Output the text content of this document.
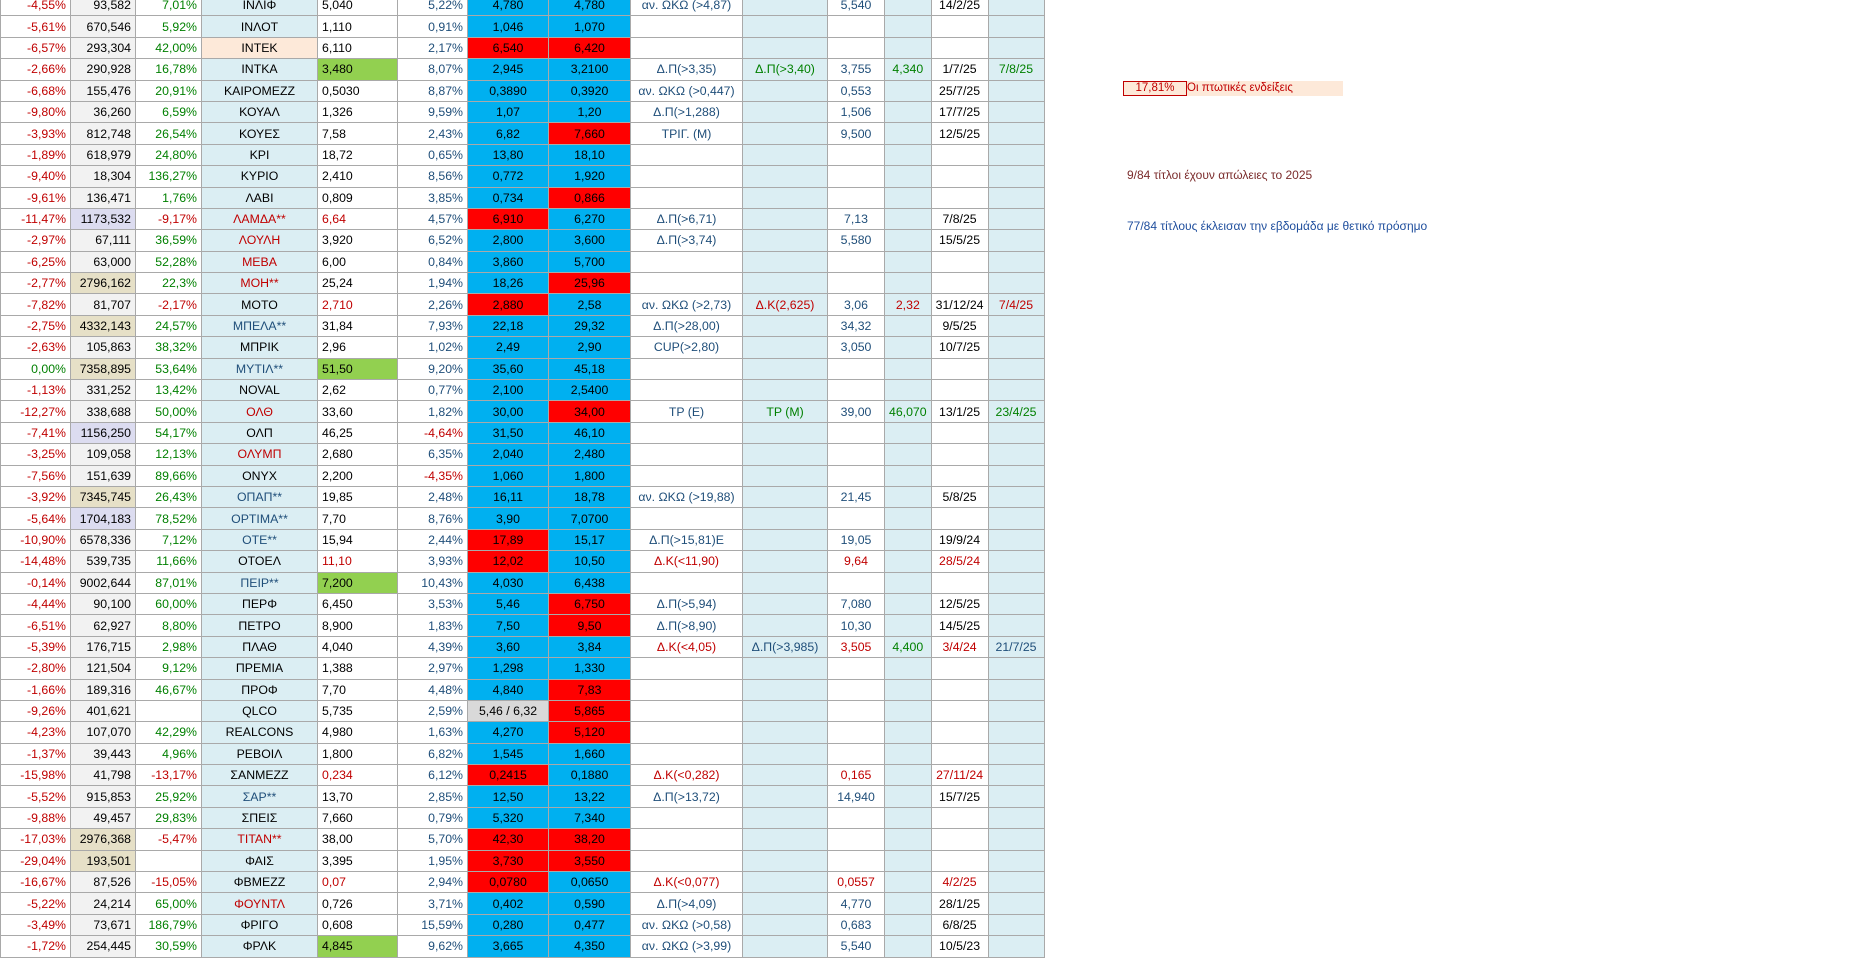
-4,55%	93,582	7,01%	ΙΝΛΙΦ	5,040	5,22%	4,780	4,780	αν. ΩΚΩ (>4,87)		5,540		14/2/25	
-5,61%	670,546	5,92%	ΙΝΛΟΤ	1,110	0,91%	1,046	1,070						
-6,57%	293,304	42,00%	ΙΝΤΕΚ	6,110	2,17%	6,540	6,420						
-2,66%	290,928	16,78%	ΙΝΤΚΑ	3,480	8,07%	2,945	3,2100	Δ.Π(>3,35)	Δ.Π(>3,40)	3,755	4,340	1/7/25	7/8/25
-6,68%	155,476	20,91%	ΚΑΙΡΟΜΕΖΖ	0,5030	8,87%	0,3890	0,3920	αν. ΩΚΩ (>0,447)		0,553		25/7/25	
-9,80%	36,260	6,59%	ΚΟΥΑΛ	1,326	9,59%	1,07	1,20	Δ.Π(>1,288)		1,506		17/7/25	
-3,93%	812,748	26,54%	ΚΟΥΕΣ	7,58	2,43%	6,82	7,660	ΤΡΙΓ. (Μ)		9,500		12/5/25	
-1,89%	618,979	24,80%	ΚΡΙ	18,72	0,65%	13,80	18,10						
-9,40%	18,304	136,27%	ΚΥΡΙΟ	2,410	8,56%	0,772	1,920						
-9,61%	136,471	1,76%	ΛΑΒΙ	0,809	3,85%	0,734	0,866						
-11,47%	1173,532	-9,17%	ΛΑΜΔΑ**	6,64	4,57%	6,910	6,270	Δ.Π(>6,71)		7,13		7/8/25	
-2,97%	67,111	36,59%	ΛΟΥΛΗ	3,920	6,52%	2,800	3,600	Δ.Π(>3,74)		5,580		15/5/25	
-6,25%	63,000	52,28%	ΜΕΒΑ	6,00	0,84%	3,860	5,700						
-2,77%	2796,162	22,3%	ΜΟΗ**	25,24	1,94%	18,26	25,96						
-7,82%	81,707	-2,17%	ΜΟΤΟ	2,710	2,26%	2,880	2,58	αν. ΩΚΩ (>2,73)	Δ.Κ(2,625)	3,06	2,32	31/12/24	7/4/25
-2,75%	4332,143	24,57%	ΜΠΕΛΑ**	31,84	7,93%	22,18	29,32	Δ.Π(>28,00)		34,32		9/5/25	
-2,63%	105,863	38,32%	ΜΠΡΙΚ	2,96	1,02%	2,49	2,90	CUP(>2,80)		3,050		10/7/25	
0,00%	7358,895	53,64%	ΜΥΤΙΛ**	51,50	9,20%	35,60	45,18						
-1,13%	331,252	13,42%	NOVAL	2,62	0,77%	2,100	2,5400						
-12,27%	338,688	50,00%	ΟΛΘ	33,60	1,82%	30,00	34,00	ΤΡ (Ε)	ΤΡ (Μ)	39,00	46,070	13/1/25	23/4/25
-7,41%	1156,250	54,17%	ΟΛΠ	46,25	-4,64%	31,50	46,10						
-3,25%	109,058	12,13%	ΟΛΥΜΠ	2,680	6,35%	2,040	2,480						
-7,56%	151,639	89,66%	ΟΝΥΧ	2,200	-4,35%	1,060	1,800						
-3,92%	7345,745	26,43%	ΟΠΑΠ**	19,85	2,48%	16,11	18,78	αν. ΩΚΩ (>19,88)		21,45		5/8/25	
-5,64%	1704,183	78,52%	ΟΡΤΙΜΑ**	7,70	8,76%	3,90	7,0700						
-10,90%	6578,336	7,12%	ΟΤΕ**	15,94	2,44%	17,89	15,17	Δ.Π(>15,81)Ε		19,05		19/9/24	
-14,48%	539,735	11,66%	ΟΤΟΕΛ	11,10	3,93%	12,02	10,50	Δ.Κ(<11,90)		9,64		28/5/24	
-0,14%	9002,644	87,01%	ΠΕΙΡ**	7,200	10,43%	4,030	6,438						
-4,44%	90,100	60,00%	ΠΕΡΦ	6,450	3,53%	5,46	6,750	Δ.Π(>5,94)		7,080		12/5/25	
-6,51%	62,927	8,80%	ΠΕΤΡΟ	8,900	1,83%	7,50	9,50	Δ.Π(>8,90)		10,30		14/5/25	
-5,39%	176,715	2,98%	ΠΛΑΘ	4,040	4,39%	3,60	3,84	Δ.Κ(<4,05)	Δ.Π(>3,985)	3,505	4,400	3/4/24	21/7/25
-2,80%	121,504	9,12%	ΠΡΕΜΙΑ	1,388	2,97%	1,298	1,330						
-1,66%	189,316	46,67%	ΠΡΟΦ	7,70	4,48%	4,840	7,83						
-9,26%	401,621		QLCO	5,735	2,59%	5,46 / 6,32	5,865						
-4,23%	107,070	42,29%	REALCONS	4,980	1,63%	4,270	5,120						
-1,37%	39,443	4,96%	ΡΕΒΟΙΛ	1,800	6,82%	1,545	1,660						
-15,98%	41,798	-13,17%	ΣΑΝΜΕΖΖ	0,234	6,12%	0,2415	0,1880	Δ.Κ(<0,282)		0,165		27/11/24	
-5,52%	915,853	25,92%	ΣΑΡ**	13,70	2,85%	12,50	13,22	Δ.Π(>13,72)		14,940		15/7/25	
-9,88%	49,457	29,83%	ΣΠΕΙΣ	7,660	0,79%	5,320	7,340						
-17,03%	2976,368	-5,47%	ΤΙΤΑΝ**	38,00	5,70%	42,30	38,20						
-29,04%	193,501		ΦΑΙΣ	3,395	1,95%	3,730	3,550						
-16,67%	87,526	-15,05%	ΦΒΜΕΖΖ	0,07	2,94%	0,0780	0,0650	Δ.Κ(<0,077)		0,0557		4/2/25	
-5,22%	24,214	65,00%	ΦΟΥΝΤΛ	0,726	3,71%	0,402	0,590	Δ.Π(>4,09)		4,770		28/1/25	
-3,49%	73,671	186,79%	ΦΡΙΓΟ	0,608	15,59%	0,280	0,477	αν. ΩΚΩ (>0,58)		0,683		6/8/25	
-1,72%	254,445	30,59%	ΦΡΛΚ	4,845	9,62%	3,665	4,350	αν. ΩΚΩ (>3,99)		5,540		10/5/23	
17,81%	Οι πτωτικές ενδείξεις
9/84 τίτλοι έχουν απώλειες το 2025
77/84 τίτλους έκλεισαν την εβδομάδα με θετικό πρόσημο
